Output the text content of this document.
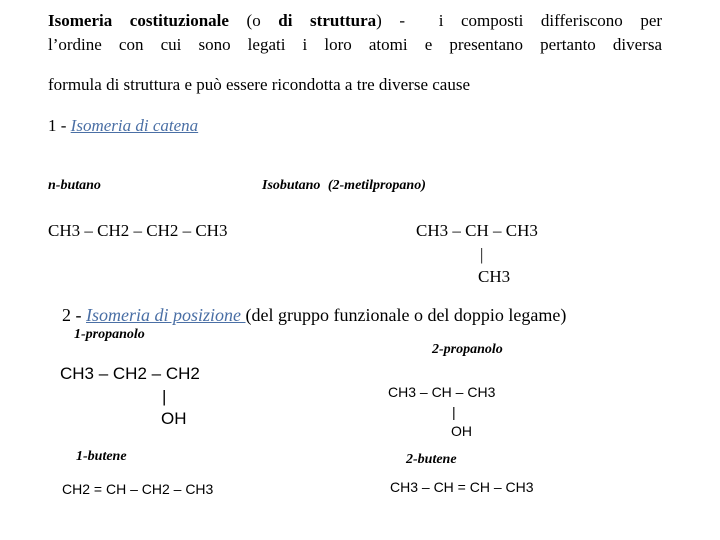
Isomeria costituzionale (o di struttura) - i composti differiscono per
l’ordine con cui sono legati i loro atomi e presentano pertanto diversa
formula di struttura e può essere ricondotta a tre diverse cause
1 - Isomeria di catena
n-butano	Isobutano (2-metilpropano)
CH3 – CH2 – CH2 – CH3	CH3 – CH – CH3
|
CH3
2 - Isomeria di posizione (del gruppo funzionale o del doppio legame)
1-propanolo
2-propanolo
CH3 – CH2 – CH2
|
OH
CH3 – CH – CH3
|
OH
1-butene	2-butene
CH2 = CH – CH2 – CH3	CH3 – CH = CH – CH3
